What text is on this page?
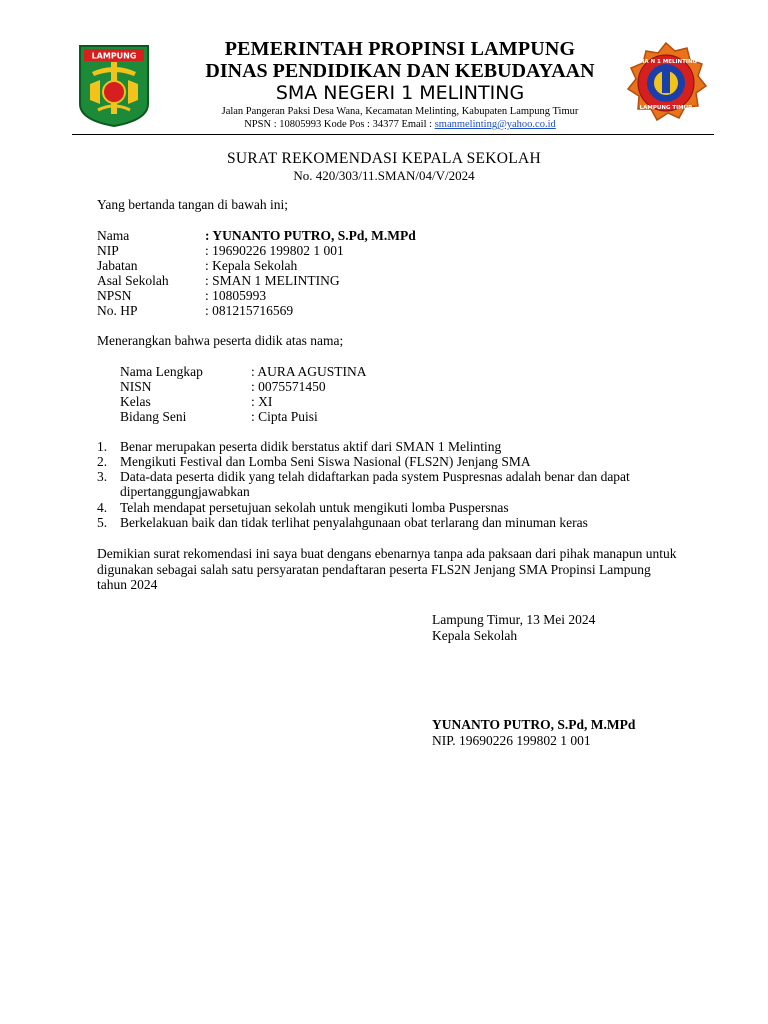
LAMPUNG
SMA N 1 MELINTING
LAMPUNG TIMUR
PEMERINTAH PROPINSI LAMPUNG
DINAS PENDIDIKAN DAN KEBUDAYAAN
SMA NEGERI 1 MELINTING
Jalan Pangeran Paksi Desa Wana, Kecamatan Melinting, Kabupaten Lampung Timur
NPSN : 10805993 Kode Pos : 34377 Email : smanmelinting@yahoo.co.id
SURAT REKOMENDASI KEPALA SEKOLAH
No. 420/303/11.SMAN/04/V/2024
Yang bertanda tangan di bawah ini;
Nama	: YUNANTO PUTRO, S.Pd, M.MPd
NIP	: 19690226 199802 1 001
Jabatan	: Kepala Sekolah
Asal Sekolah	: SMAN 1 MELINTING
NPSN	: 10805993
No. HP	: 081215716569
Menerangkan bahwa peserta didik atas nama;
Nama Lengkap	: AURA AGUSTINA
NISN	: 0075571450
Kelas	: XI
Bidang Seni	: Cipta Puisi
1. Benar merupakan peserta didik berstatus aktif dari SMAN 1 Melinting
2. Mengikuti Festival dan Lomba Seni Siswa Nasional (FLS2N) Jenjang SMA
3. Data-data peserta didik yang telah didaftarkan pada system Puspresnas adalah benar dan dapat dipertanggungjawabkan
4. Telah mendapat persetujuan sekolah untuk mengikuti lomba Puspersnas
5. Berkelakuan baik dan tidak terlihat penyalahgunaan obat terlarang dan minuman keras
Demikian surat rekomendasi ini saya buat dengans ebenarnya tanpa ada paksaan dari pihak manapun untuk digunakan sebagai salah satu persyaratan pendaftaran peserta FLS2N Jenjang SMA Propinsi Lampung tahun 2024
Lampung Timur, 13 Mei 2024
Kepala Sekolah
YUNANTO PUTRO, S.Pd, M.MPd
NIP. 19690226 199802 1 001
